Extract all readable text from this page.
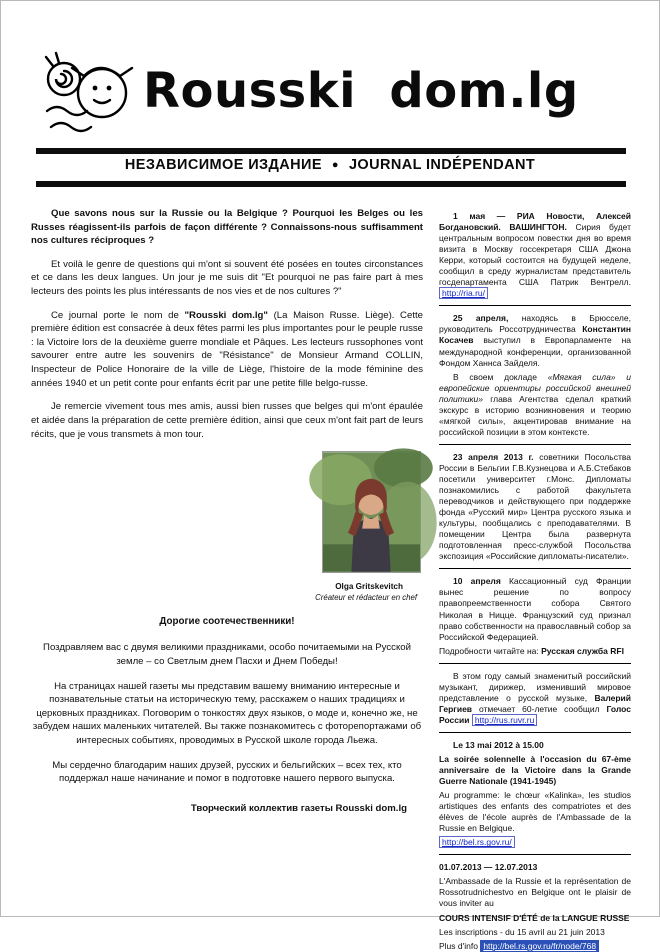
Rousski dom.lg
НЕЗАВИСИМОЕ ИЗДАНИЕ ● JOURNAL INDÉPENDANT

Que savons nous sur la Russie ou la Belgique ? Pourquoi les Belges ou les Russes réagissent-ils parfois de façon différente ? Connaissons-nous suffisamment nos cultures réciproques ?

Et voilà le genre de questions qui m'ont si souvent été posées en toutes circonstances et ce dans les deux langues. Un jour je me suis dit "Et pourquoi ne pas faire part à mes lecteurs des points les plus intéressants de nos vies et de nos cultures ?"

Ce journal porte le nom de "Rousski dom.lg" (La Maison Russe. Liège). Cette première édition est consacrée à deux fêtes parmi les plus importantes pour le peuple russe : la Victoire lors de la deuxième guerre mondiale et Pâques. Les lecteurs russophones vont savourer entre autre les souvenirs de "Résistance" de Monsieur Armand COLLIN, Inspecteur de Police Honoraire de la ville de Liège, l'histoire de la mode féminine des années 1940 et un petit conte pour enfants écrit par une petite fille belgo-russe.

Je remercie vivement tous mes amis, aussi bien russes que belges qui m'ont épaulée et aidée dans la préparation de cette première édition, ainsi que ceux m'ont fait part de leurs récits, que je vous transmets à mon tour.

Olga Gritskevitch
Créateur et rédacteur en chef
Дорогие соотечественники!

Поздравляем вас с двумя великими праздниками, особо почитаемыми на Русской земле – со Светлым днем Пасхи и Днем Победы!

На страницах нашей газеты мы представим вашему вниманию интересные и познавательные статьи на историческую тему, расскажем о наших традициях и церковных праздниках. Поговорим о тонкостях двух языков, о моде и, конечно же, не забудем наших маленьких читателей. Вы также познакомитесь с фоторепортажами об интересных событиях, проводимых в Русской школе города Льежа.

Мы сердечно благодарим наших друзей, русских и бельгийских – всех тех, кто поддержал наше начинание и помог в подготовке нашего первого выпуска.

Творческий коллектив газеты Rousski dom.lg
1 мая — РИА Новости, Алексей Богдановский. ВАШИНГТОН. Сирия будет центральным вопросом повестки дня во время визита в Москву госсекретаря США Джона Керри, который состоится на будущей неделе, сообщил в среду журналистам представитель госдепартамента США Патрик Вентрелл. http://ria.ru/
25 апреля, находясь в Брюсселе, руководитель Россотрудничества Константин Косачев выступил в Европарламенте на международной конференции, организованной Фондом Ханнса Зайделя.
В своем докладе «Мягкая сила» и европейские ориентиры российской внешней политики» глава Агентства сделал краткий экскурс в историю возникновения и теорию «мягкой силы», акцентировав внимание на российской позиции в этом контексте.
23 апреля 2013 г. советники Посольства России в Бельгии Г.В.Кузнецова и А.Б.Стебаков посетили университет г.Монс. Дипломаты познакомились с работой факультета переводчиков и действующего при поддержке фонда «Русский мир» Центра русского языка и культуры, пообщались с преподавателями. В помещении Центра была развернута подготовленная пресс-службой Посольства экспозиция «Российские дипломаты-писатели».
10 апреля Кассационный суд Франции вынес решение по вопросу правопреемственности собора Святого Николая в Ницце. Французский суд признал право собственности на православный собор за Российской Федерацией.
Подробности читайте на: Русская служба RFI
В этом году самый знаменитый российский музыкант, дирижер, изменивший мировое представление о русской музыке, Валерий Гергиев отмечает 60-летие сообщил Голос России http://rus.ruvr.ru
Le 13 mai 2012 à 15.00
La soirée solennelle à l'occasion du 67-ème anniversaire de la Victoire dans la Grande Guerre Nationale (1941-1945)
Au programme: le chœur «Kalinka», les studios artistiques des enfants des compatriotes et des élèves de l'école auprès de l'Ambassade de la Russie en Belgique.
http://bel.rs.gov.ru/
01.07.2013 — 12.07.2013
L'Ambassade de la Russie et la représentation de Rossotrudnichestvo en Belgique ont le plaisir de vous inviter au
COURS INTENSIF D'ÉTÉ de la LANGUE RUSSE
Les inscriptions - du 15 avril au 21 juin 2013
Plus d'info http://bel.rs.gov.ru/fr/node/768
